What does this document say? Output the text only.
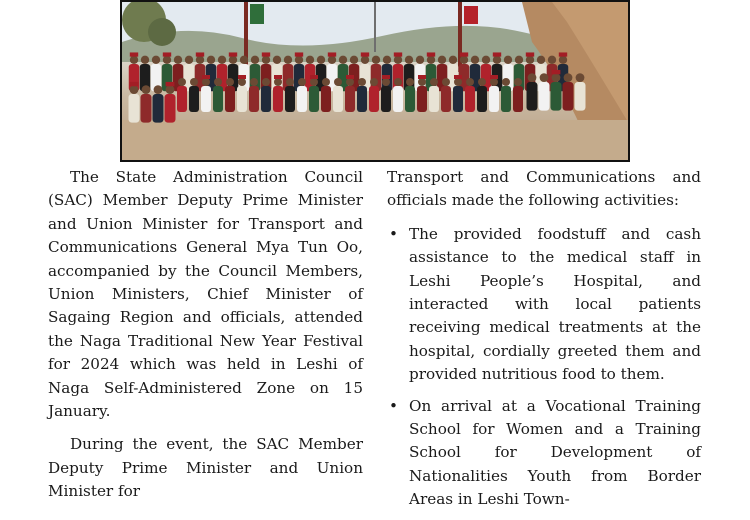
The State Administration Council (SAC) Member Deputy Prime Minister and Union Minister for Transport and Communications General Mya Tun Oo, accompanied by the Council Members, Union Ministers, Chief Minister of Sagaing Region and officials, attended the Naga Traditional New Year Festival for 2024 which was held in Leshi of Naga Self-Administered Zone on 15 January.

During the event, the SAC Member Deputy Prime Minister and Union Minister for

Transport and Communications and officials made the following activities:

• The provided foodstuff and cash assistance to the medical staff in Leshi People’s Hospital, and interacted with local patients receiving medical treatments at the hospital, cordially greeted them and provided nutritious food to them.
• On arrival at a Vocational Training School for Women and a Training School for Development of Nationalities Youth from Border Areas in Leshi Town-
